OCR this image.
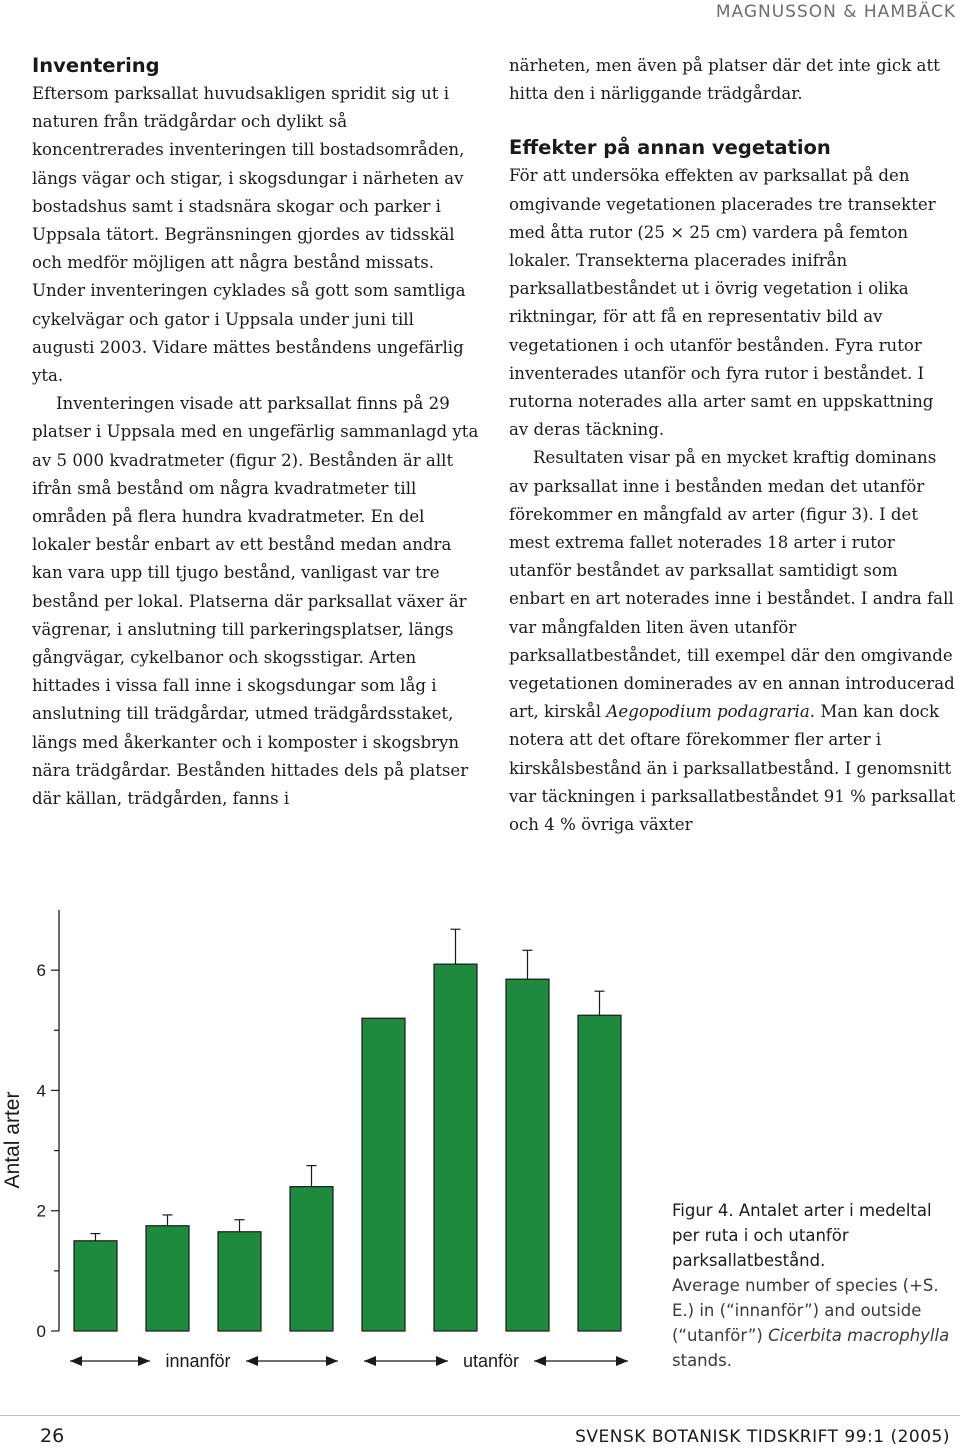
MAGNUSSON & HAMBÄCK
Inventering

Eftersom parksallat huvudsakligen spridit sig ut i naturen från trädgårdar och dylikt så koncentrerades inventeringen till bostadsområden, längs vägar och stigar, i skogsdungar i närheten av bostadshus samt i stadsnära skogar och parker i Uppsala tätort. Begränsningen gjordes av tidsskäl och medför möjligen att några bestånd missats. Under inventeringen cyklades så gott som samtliga cykelvägar och gator i Uppsala under juni till augusti 2003. Vidare mättes beståndens ungefärlig yta.

Inventeringen visade att parksallat finns på 29 platser i Uppsala med en ungefärlig sammanlagd yta av 5 000 kvadratmeter (figur 2). Bestånden är allt ifrån små bestånd om några kvadratmeter till områden på flera hundra kvadratmeter. En del lokaler består enbart av ett bestånd medan andra kan vara upp till tjugo bestånd, vanligast var tre bestånd per lokal. Platserna där parksallat växer är vägrenar, i anslutning till parkeringsplatser, längs gångvägar, cykelbanor och skogsstigar. Arten hittades i vissa fall inne i skogsdungar som låg i anslutning till trädgårdar, utmed trädgårdsstaket, längs med åkerkanter och i komposter i skogsbryn nära trädgårdar. Bestånden hittades dels på platser där källan, trädgården, fanns i

närheten, men även på platser där det inte gick att hitta den i närliggande trädgårdar.

Effekter på annan vegetation

För att undersöka effekten av parksallat på den omgivande vegetationen placerades tre transekter med åtta rutor (25 × 25 cm) vardera på femton lokaler. Transekterna placerades inifrån parksallatbeståndet ut i övrig vegetation i olika riktningar, för att få en representativ bild av vegetationen i och utanför bestånden. Fyra rutor inventerades utanför och fyra rutor i beståndet. I rutorna noterades alla arter samt en uppskattning av deras täckning.

Resultaten visar på en mycket kraftig dominans av parksallat inne i bestånden medan det utanför förekommer en mångfald av arter (figur 3). I det mest extrema fallet noterades 18 arter i rutor utanför beståndet av parksallat samtidigt som enbart en art noterades inne i beståndet. I andra fall var mångfalden liten även utanför parksallatbeståndet, till exempel där den omgivande vegetationen dominerades av en annan introducerad art, kirskål Aegopodium podagraria. Man kan dock notera att det oftare förekommer fler arter i kirskålsbestånd än i parksallatbestånd. I genomsnitt var täckningen i parksallatbeståndet 91 % parksallat och 4 % övriga växter

Antal arter
0
2
4
6
innanför	utanför
Figur 4. Antalet arter i medeltal per ruta i och utanför parksallatbestånd.
Average number of species (+S. E.) in (“innanför”) and outside (“utanför”) Cicerbita macrophylla stands.
26	SVENSK BOTANISK TIDSKRIFT 99:1 (2005)
